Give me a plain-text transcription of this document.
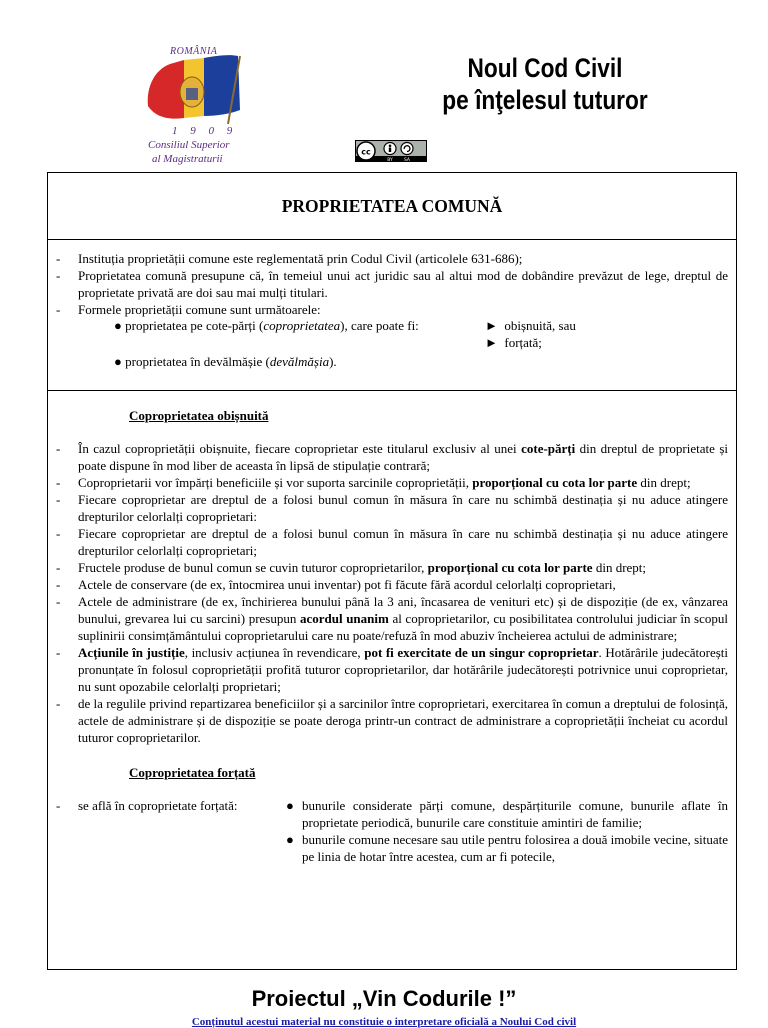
ROMÂNIA
1 9 0 9
Consiliul Superior
al Magistraturii
Noul Cod Civil
pe înţelesul tuturor
cc
BY SA
PROPRIETATEA COMUNĂ
- Instituția proprietății comune este reglementată prin Codul Civil (articolele 631-686);
- Proprietatea comună presupune că, în temeiul unui act juridic sau al altui mod de dobândire prevăzut de lege, dreptul de proprietate privată are doi sau mai mulți titulari.
- Formele proprietății comune sunt următoarele:
● proprietatea pe cote-părți (coproprietatea), care poate fi:	►  obișnuită, sau
►  forțată;
● proprietatea în devălmășie (devălmășia).
Coproprietatea obișnuită
- În cazul coproprietății obișnuite, fiecare coproprietar este titularul exclusiv al unei cote-părți din dreptul de proprietate și poate dispune în mod liber de aceasta în lipsă de stipulație contrară;
- Coproprietarii vor împărți beneficiile și vor suporta sarcinile coproprietății, proporțional cu cota lor parte din drept;
- Fiecare coproprietar are dreptul de a folosi bunul comun în măsura în care nu schimbă destinația și nu aduce atingere drepturilor celorlalți coproprietari:
- Fiecare coproprietar are dreptul de a folosi bunul comun în măsura în care nu schimbă destinația și nu aduce atingere drepturilor celorlalți coproprietari;
- Fructele produse de bunul comun se cuvin tuturor coproprietarilor, proporțional cu cota lor parte din drept;
- Actele de conservare (de ex, întocmirea unui inventar) pot fi făcute fără acordul celorlalți coproprietari,
- Actele de administrare (de ex, închirierea bunului până la 3 ani, încasarea de venituri etc) și de dispoziție (de ex, vânzarea bunului, grevarea lui cu sarcini) presupun acordul unanim al coproprietarilor, cu posibilitatea controlului judiciar în scopul suplinirii consimțământului coproprietarului care nu poate/refuză în mod abuziv încheierea actului de administrare;
- Acțiunile în justiție, inclusiv acțiunea în revendicare, pot fi exercitate de un singur coproprietar. Hotărârile judecătorești pronunțate în folosul coproprietății profită tuturor coproprietarilor, dar hotărârile judecătorești potrivnice unui coproprietar, nu sunt opozabile celorlalți proprietari;
- de la regulile privind repartizarea beneficiilor și a sarcinilor între coproprietari, exercitarea în comun a dreptului de folosință, actele de administrare și de dispoziție se poate deroga printr-un contract de administrare a coproprietății încheiat cu acordul tuturor coproprietarilor.
Coproprietatea forțată
- se află în coproprietate forțată:	● bunurile considerate părți comune, despărțiturile comune, bunurile aflate în proprietate periodică, bunurile care constituie amintiri de familie;
● bunurile comune necesare sau utile pentru folosirea a două imobile vecine, situate pe linia de hotar între acestea, cum ar fi potecile,
Proiectul „Vin Codurile !”
Conținutul acestui material nu constituie o interpretare oficială a Noului Cod civil
